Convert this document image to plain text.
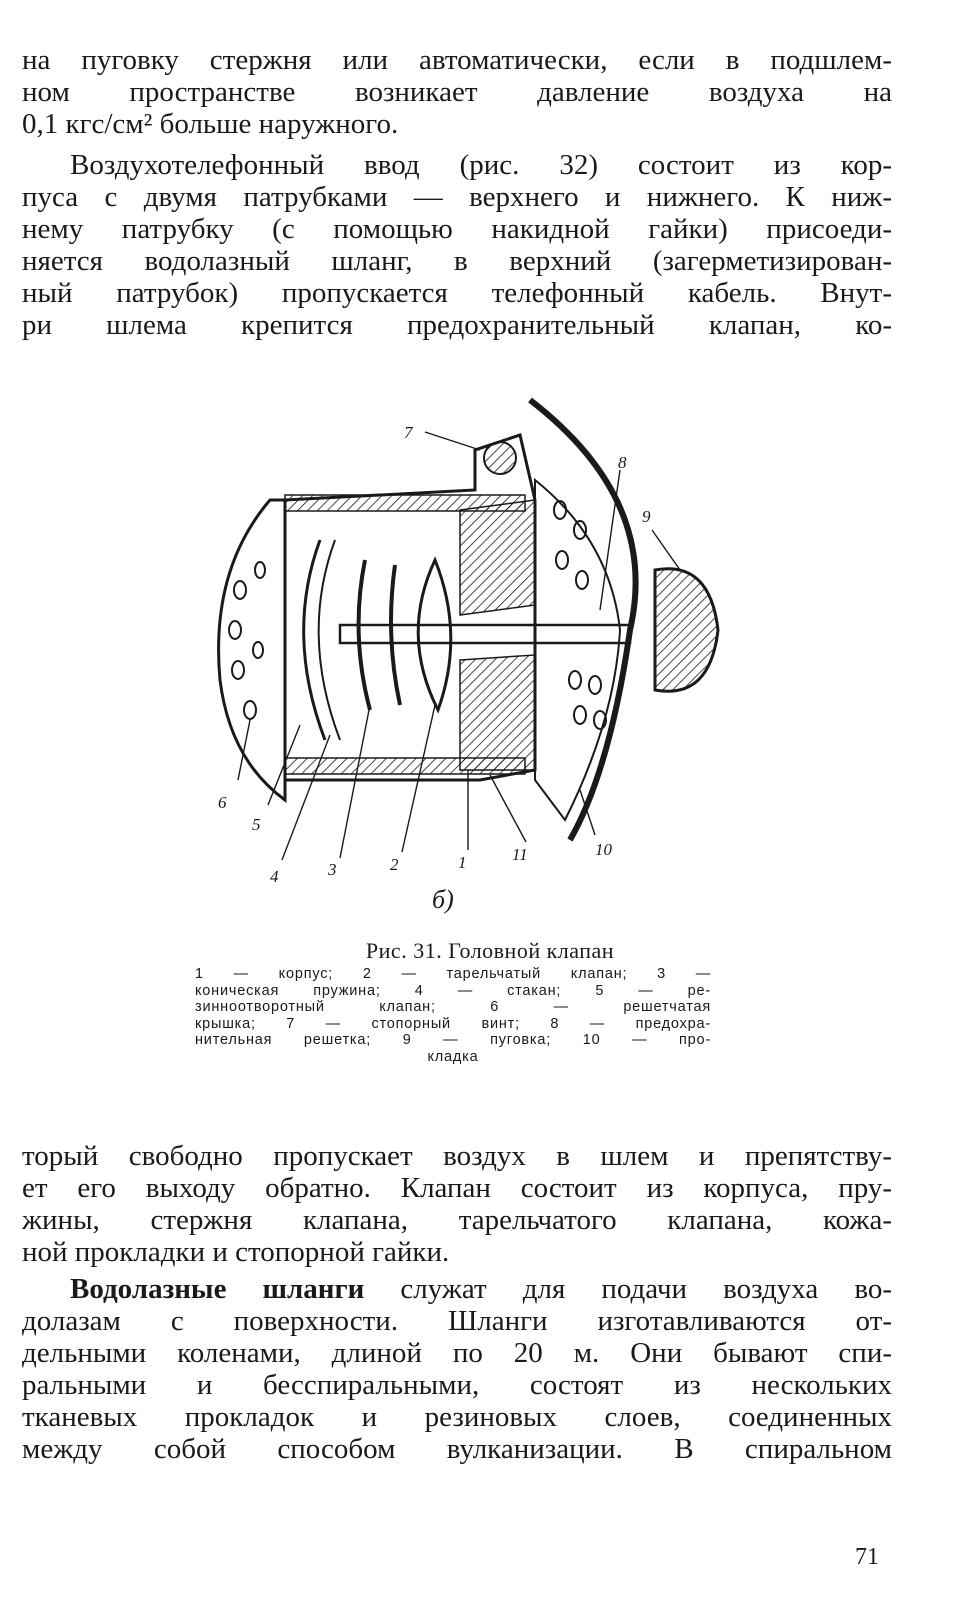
на пуговку стержня или автоматически, если в подшлем-
ном пространстве возникает давление воздуха на
0,1 кгс/см² больше наружного.

Воздухотелефонный ввод (рис. 32) состоит из кор-
пуса с двумя патрубками — верхнего и нижнего. К ниж-
нему патрубку (с помощью накидной гайки) присоеди-
няется водолазный шланг, в верхний (загерметизирован-
ный патрубок) пропускается телефонный кабель. Внут-
ри шлема крепится предохранительный клапан, ко-

7
8
9
6
5
4	3	2	1	11	10
б)
Рис. 31. Головной клапан
1 — корпус; 2 — тарельчатый клапан; 3 —
коническая пружина; 4 — стакан; 5 — ре-
зинноотворотный клапан; 6 — решетчатая
крышка; 7 — стопорный винт; 8 — предохра-
нительная решетка; 9 — пуговка; 10 — про-
кладка

торый свободно пропускает воздух в шлем и препятству-
ет его выходу обратно. Клапан состоит из корпуса, пру-
жины, стержня клапана, тарельчатого клапана, кожа-
ной прокладки и стопорной гайки.

Водолазные шланги служат для подачи воздуха во-
долазам с поверхности. Шланги изготавливаются от-
дельными коленами, длиной по 20 м. Они бывают спи-
ральными и бесспиральными, состоят из нескольких
тканевых прокладок и резиновых слоев, соединенных
между собой способом вулканизации. В спиральном

71
